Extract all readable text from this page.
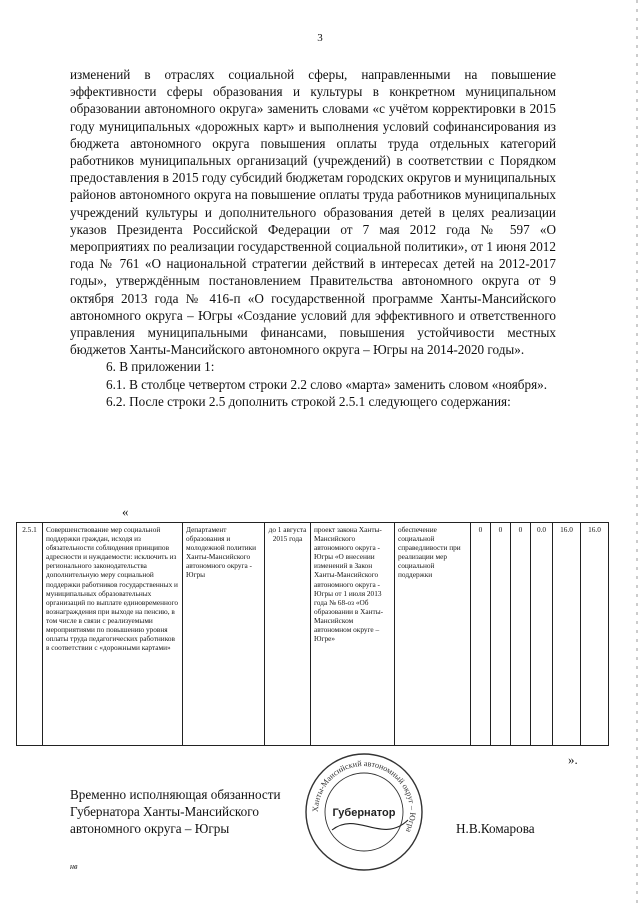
3

изменений в отраслях социальной сферы, направленными на повышение эффективности сферы образования и культуры в конкретном муниципальном образовании автономного округа» заменить словами «с учётом корректировки в 2015 году муниципальных «дорожных карт» и выполнения условий софинансирования из бюджета автономного округа повышения оплаты труда отдельных категорий работников муниципальных организаций (учреждений) в соответствии с Порядком предоставления в 2015 году субсидий бюджетам городских округов и муниципальных районов автономного округа на повышение оплаты труда работников муниципальных учреждений культуры и дополнительного образования детей в целях реализации указов Президента Российской Федерации от 7 мая 2012 года № 597 «О мероприятиях по реализации государственной социальной политики», от 1 июня 2012 года № 761 «О национальной стратегии действий в интересах детей на 2012-2017 годы», утверждённым постановлением Правительства автономного округа от 9 октября 2013 года № 416-п «О государственной программе Ханты-Мансийского автономного округа – Югры «Создание условий для эффективного и ответственного управления муниципальными финансами, повышения устойчивости местных бюджетов Ханты-Мансийского автономного округа – Югры на 2014-2020 годы».

6. В приложении 1:

6.1. В столбце четвертом строки 2.2 слово «марта» заменить словом «ноября».

6.2. После строки 2.5 дополнить строкой 2.5.1 следующего содержания:

«
2.5.1	Совершенствование мер социальной поддержки граждан, исходя из обязательности соблюдения принципов адресности и нуждаемости: исключить из регионального законодательства дополнительную меру социальной поддержки работников государственных и муниципальных образовательных организаций по выплате единовременного вознаграждения при выходе на пенсию, в том числе в связи с реализуемыми мероприятиями по повышению уровня оплаты труда педагогических работников в соответствии с «дорожными картами»	Департамент образования и молодежной политики Ханты-Мансийского автономного округа - Югры	до 1 августа 2015 года	проект закона Ханты-Мансийского автономного округа - Югры «О внесении изменений в Закон Ханты-Мансийского автономного округа - Югры от 1 июля 2013 года № 68-оз «Об образовании в Ханты-Мансийском автономном округе – Югре»	обеспечение социальной справедливости при реализации мер социальной поддержки	0	0	0	0.0	16.0	16.0
».
Временно исполняющая обязанности
Губернатора Ханты-Мансийского
автономного округа – Югры
Ханты-Мансийский автономный округ – Югра
Губернатор
Н.В.Комарова
нв
